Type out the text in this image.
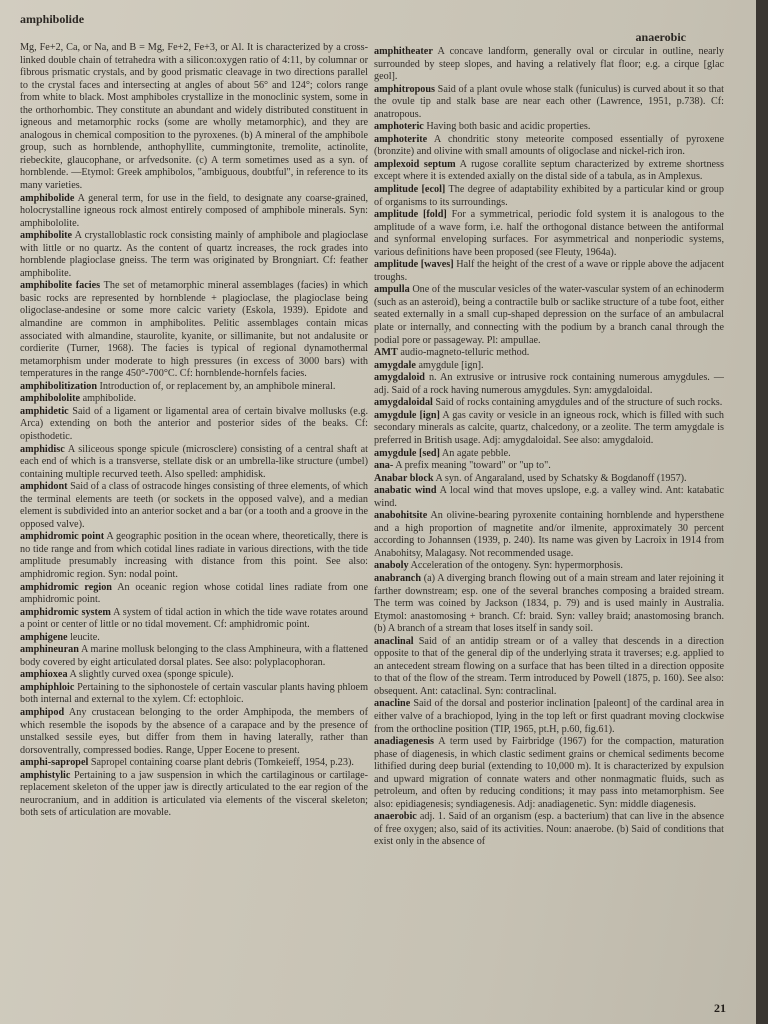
amphibolide
anaerobic

Mg, Fe+2, Ca, or Na, and B = Mg, Fe+2, Fe+3, or Al. It is characterized by a cross-linked double chain of tetrahedra with a silicon:oxygen ratio of 4:11, by columnar or fibrous prismatic crystals, and by good prismatic cleavage in two directions parallel to the crystal faces and intersecting at angles of about 56° and 124°; colors range from white to black. Most amphiboles crystallize in the monoclinic system, some in the orthorhombic. They constitute an abundant and widely distributed constituent in igneous and metamorphic rocks (some are wholly metamorphic), and they are analogous in chemical composition to the pyroxenes. (b) A mineral of the amphibole group, such as hornblende, anthophyllite, cummingtonite, tremolite, actinolite, riebeckite, glaucophane, or arfvedsonite. (c) A term sometimes used as a syn. of hornblende. —Etymol: Greek amphibolos, "ambiguous, doubtful", in reference to its many varieties.

amphibolide A general term, for use in the field, to designate any coarse-grained, holocrystalline igneous rock almost entirely composed of amphibole minerals. Syn: amphibololite.

amphibolite A crystalloblastic rock consisting mainly of amphibole and plagioclase with little or no quartz. As the content of quartz increases, the rock grades into hornblende plagioclase gneiss. The term was originated by Brongniart. Cf: feather amphibolite.

amphibolite facies The set of metamorphic mineral assemblages (facies) in which basic rocks are represented by hornblende + plagioclase, the plagioclase being oligoclase-andesine or some more calcic variety (Eskola, 1939). Epidote and almandine are common in amphibolites. Pelitic assemblages contain micas associated with almandine, staurolite, kyanite, or sillimanite, but not andalusite or cordierite (Turner, 1968). The facies is typical of regional dynamothermal metamorphism under moderate to high pressures (in excess of 3000 bars) with temperatures in the range 450°-700°C. Cf: hornblende-hornfels facies.

amphibolitization Introduction of, or replacement by, an amphibole mineral.

amphibololite amphibolide.

amphidetic Said of a ligament or ligamental area of certain bivalve mollusks (e.g. Arca) extending on both the anterior and posterior sides of the beaks. Cf: opisthodetic.

amphidisc A siliceous sponge spicule (microsclere) consisting of a central shaft at each end of which is a transverse, stellate disk or an umbrella-like structure (umbel) containing multiple recurved teeth. Also spelled: amphidisk.

amphidont Said of a class of ostracode hinges consisting of three elements, of which the terminal elements are teeth (or sockets in the opposed valve), and a median element is subdivided into an anterior socket and a bar (or a tooth and a groove in the opposed valve).

amphidromic point A geographic position in the ocean where, theoretically, there is no tide range and from which cotidal lines radiate in various directions, with the tide amplitude presumably increasing with distance from this point. See also: amphidromic region. Syn: nodal point.

amphidromic region An oceanic region whose cotidal lines radiate from one amphidromic point.

amphidromic system A system of tidal action in which the tide wave rotates around a point or center of little or no tidal movement. Cf: amphidromic point.

amphigene leucite.

amphineuran A marine mollusk belonging to the class Amphineura, with a flattened body covered by eight articulated dorsal plates. See also: polyplacophoran.

amphioxea A slightly curved oxea (sponge spicule).

amphiphloic Pertaining to the siphonostele of certain vascular plants having phloem both internal and external to the xylem. Cf: ectophloic.

amphipod Any crustacean belonging to the order Amphipoda, the members of which resemble the isopods by the absence of a carapace and by the presence of unstalked sessile eyes, but differ from them in having laterally, rather than dorsoventrally, compressed bodies. Range, Upper Eocene to present.

amphi-sapropel Sapropel containing coarse plant debris (Tomkeieff, 1954, p.23).

amphistylic Pertaining to a jaw suspension in which the cartilaginous or cartilage-replacement skeleton of the upper jaw is directly articulated to the ear region of the neurocranium, and in addition is articulated via elements of the visceral skeleton; both sets of articulation are movable.

amphitheater A concave landform, generally oval or circular in outline, nearly surrounded by steep slopes, and having a relatively flat floor; e.g. a cirque [glac geol].

amphitropous Said of a plant ovule whose stalk (funiculus) is curved about it so that the ovule tip and stalk base are near each other (Lawrence, 1951, p.738). Cf: anatropous.

amphoteric Having both basic and acidic properties.

amphoterite A chondritic stony meteorite composed essentially of pyroxene (bronzite) and olivine with small amounts of oligoclase and nickel-rich iron.

amplexoid septum A rugose corallite septum characterized by extreme shortness except where it is extended axially on the distal side of a tabula, as in Amplexus.

amplitude [ecol] The degree of adaptability exhibited by a particular kind or group of organisms to its surroundings.

amplitude [fold] For a symmetrical, periodic fold system it is analogous to the amplitude of a wave form, i.e. half the orthogonal distance between the antiformal and synformal enveloping surfaces. For asymmetrical and nonperiodic systems, various definitions have been proposed (see Fleuty, 1964a).

amplitude [waves] Half the height of the crest of a wave or ripple above the adjacent troughs.

ampulla One of the muscular vesicles of the water-vascular system of an echinoderm (such as an asteroid), being a contractile bulb or saclike structure of a tube foot, either seated externally in a small cup-shaped depression on the surface of an ambulacral plate or internally, and connecting with the podium by a branch canal through the podial pore or passageway. Pl: ampullae.

AMT audio-magneto-telluric method.

amygdale amygdule [ign].

amygdaloid n. An extrusive or intrusive rock containing numerous amygdules. —adj. Said of a rock having numerous amygdules. Syn: amygdaloidal.

amygdaloidal Said of rocks containing amygdules and of the structure of such rocks.

amygdule [ign] A gas cavity or vesicle in an igneous rock, which is filled with such secondary minerals as calcite, quartz, chalcedony, or a zeolite. The term amygdale is preferred in British usage. Adj: amygdaloidal. See also: amygdaloid.

amygdule [sed] An agate pebble.

ana- A prefix meaning "toward" or "up to".

Anabar block A syn. of Angaraland, used by Schatsky & Bogdanoff (1957).

anabatic wind A local wind that moves upslope, e.g. a valley wind. Ant: katabatic wind.

anabohitsite An olivine-bearing pyroxenite containing hornblende and hypersthene and a high proportion of magnetite and/or ilmenite, approximately 30 percent according to Johannsen (1939, p. 240). Its name was given by Lacroix in 1914 from Anabohitsy, Malagasy. Not recommended usage.

anaboly Acceleration of the ontogeny. Syn: hypermorphosis.

anabranch (a) A diverging branch flowing out of a main stream and later rejoining it farther downstream; esp. one of the several branches composing a braided stream. The term was coined by Jackson (1834, p. 79) and is used mainly in Australia. Etymol: anastomosing + branch. Cf: braid. Syn: valley braid; anastomosing branch. (b) A branch of a stream that loses itself in sandy soil.

anaclinal Said of an antidip stream or of a valley that descends in a direction opposite to that of the general dip of the underlying strata it traverses; e.g. applied to an antecedent stream flowing on a surface that has been tilted in a direction opposite to that of the flow of the stream. Term introduced by Powell (1875, p. 160). See also: obsequent. Ant: cataclinal. Syn: contraclinal.

anacline Said of the dorsal and posterior inclination [paleont] of the cardinal area in either valve of a brachiopod, lying in the top left or first quadrant moving clockwise from the orthocline position (TIP, 1965, pt.H, p.60, fig.61).

anadiagenesis A term used by Fairbridge (1967) for the compaction, maturation phase of diagenesis, in which clastic sediment grains or chemical sediments become lithified during deep burial (extending to 10,000 m). It is characterized by expulsion and upward migration of connate waters and other nonmagmatic fluids, such as petroleum, and often by reducing conditions; it may pass into metamorphism. See also: epidiagenesis; syndiagenesis. Adj: anadiagenetic. Syn: middle diagenesis.

anaerobic adj. 1. Said of an organism (esp. a bacterium) that can live in the absence of free oxygen; also, said of its activities. Noun: anaerobe. (b) Said of conditions that exist only in the absence of

21
